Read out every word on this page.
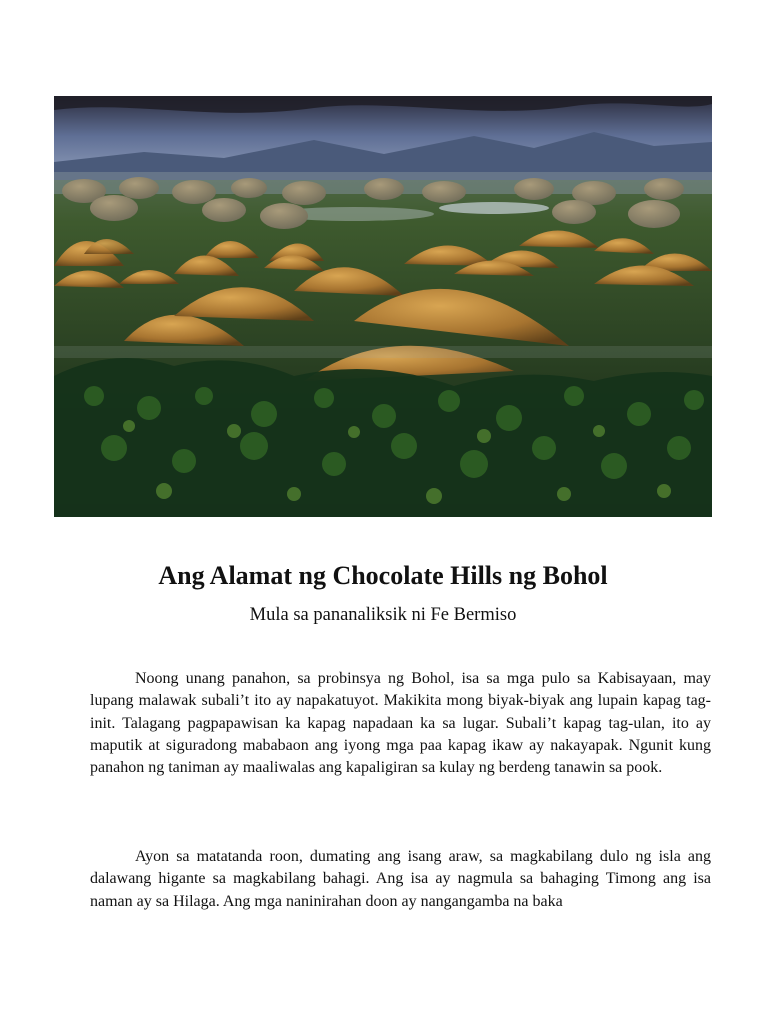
Ang Alamat ng Chocolate Hills ng Bohol
Mula sa pananaliksik ni Fe Bermiso

Noong unang panahon, sa probinsya ng Bohol, isa sa mga pulo sa Kabisayaan, may lupang malawak subali’t ito ay napakatuyot. Makikita mong biyak-biyak ang lupain kapag tag-init. Talagang pagpapawisan ka kapag napadaan ka sa lugar. Subali’t kapag tag-ulan, ito ay maputik at siguradong mababaon ang iyong mga paa kapag ikaw ay nakayapak. Ngunit kung panahon ng taniman ay maaliwalas ang kapaligiran sa kulay ng berdeng tanawin sa pook.

Ayon sa matatanda roon, dumating ang isang araw, sa magkabilang dulo ng isla ang dalawang higante sa magkabilang bahagi. Ang isa ay nagmula sa bahaging Timong ang isa naman ay sa Hilaga. Ang mga naninirahan doon ay nangangamba na baka
